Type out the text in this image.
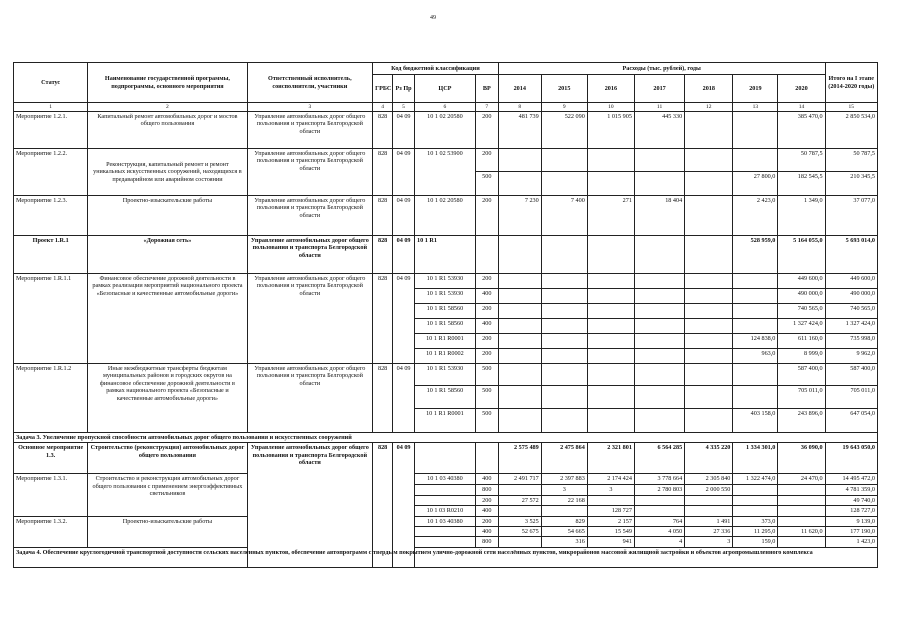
49
Статус	Наименование государственной программы, подпрограммы, основного мероприятия	Ответственный исполнитель, соисполнители, участники	Код бюджетной классификации				Расходы (тыс. рублей), годы							Итого на I этапе (2014-2020 годы)
			ГРБС	Рз Пр	ЦСР	ВР	2014	2015	2016	2017	2018	2019	2020	
1	2	3	4	5	6	7	8	9	10	11	12	13	14	15
Мероприятие 1.2.1.	Капитальный ремонт автомобильных дорог и мостов общего пользования	Управление автомобильных дорог общего пользования и транспорта Белгородской области	828	04 09	10 1 02 20580	200	481 739	522 090	1 015 905	445 330			385 470,0	2 850 534,0
Мероприятие 1.2.2.	Реконструкция, капитальный ремонт и ремонт уникальных искусственных сооружений, находящихся в предаварийном или аварийном состоянии	Управление автомобильных дорог общего пользования и транспорта Белгородской области	828	04 09	10 1 02 53900	200							50 787,5	50 787,5
						500						27 800,0	182 545,5	210 345,5
Мероприятие 1.2.3.	Проектно-изыскательские работы	Управление автомобильных дорог общего пользования и транспорта Белгородской области	828	04 09	10 1 02 20580	200	7 230	7 400	271	18 404		2 423,0	1 349,0	37 077,0
Проект 1.R.1	«Дорожная сеть»	Управление автомобильных дорог общего пользования и транспорта Белгородской области	828	04 09	10 1 R1							528 959,0	5 164 055,0	5 693 014,0
Мероприятие 1.R.1.1	Финансовое обеспечение дорожной деятельности в рамках реализации мероприятий национального проекта «Безопасные и качественные автомобильные дороги»	Управление автомобильных дорог общего пользования и транспорта Белгородской области	828	04 09	10 1 R1 53930	200							449 600,0	449 600,0
					10 1 R1 53930	400							490 000,0	490 000,0
					10 1 R1 58560	200							740 565,0	740 565,0
					10 1 R1 58560	400							1 327 424,0	1 327 424,0
					10 1 R1 R0001	200						124 838,0	611 160,0	735 998,0
					10 1 R1 R0002	200						963,0	8 999,0	9 962,0
Мероприятие 1.R.1.2	Иные межбюджетные трансферты бюджетам муниципальных районов и городских округов на финансовое обеспечение дорожной деятельности в рамках национального проекта «Безопасные и качественные автомобильные дороги»	Управление автомобильных дорог общего пользования и транспорта Белгородской области	828	04 09	10 1 R1 53930	500							587 400,0	587 400,0
					10 1 R1 58560	500							705 011,0	705 011,0
					10 1 R1 R0001	500						403 158,0	243 896,0	647 054,0
Задача 3. Увеличение пропускной способности автомобильных дорог общего пользования и искусственных сооружений														
Основное мероприятие 1.3.	Строительство (реконструкция) автомобильных дорог общего пользования	Управление автомобильных дорог общего пользования и транспорта Белгородской области	828	04 09			2 575 489	2 475 864	2 321 801	6 564 285	4 335 220	1 334 301,0	36 090,0	19 643 050,0
Мероприятие 1.3.1.	Строительство и реконструкция автомобильных дорог общего пользования с применением энергоэффективных светильников				10 1 03 40380	400	2 491 717	2 397 883	2 174 424	3 778 664	2 305 840	1 322 474,0	24 470,0	14 495 472,0
						800		3	3	2 780 803	2 000 550			4 781 359,0
						200	27 572	22 168						49 740,0
					10 1 03 R0210	400			128 727					128 727,0
Мероприятие 1.3.2.	Проектно-изыскательские работы				10 1 03 40380	200	3 525	829	2 157	764	1 491	373,0		9 139,0
						400	52 675	54 665	15 549	4 050	27 336	11 295,0	11 620,0	177 190,0
						800		316	941	4	3	159,0		1 423,0
Задача 4. Обеспечение круглогодичной транспортной доступности сельских населенных пунктов, обеспечение автопрограмм с твердым покрытием улично-дорожной сети населённых пунктов, микрорайонов массовой жилищной застройки и объектов агропромышленного комплекса														
